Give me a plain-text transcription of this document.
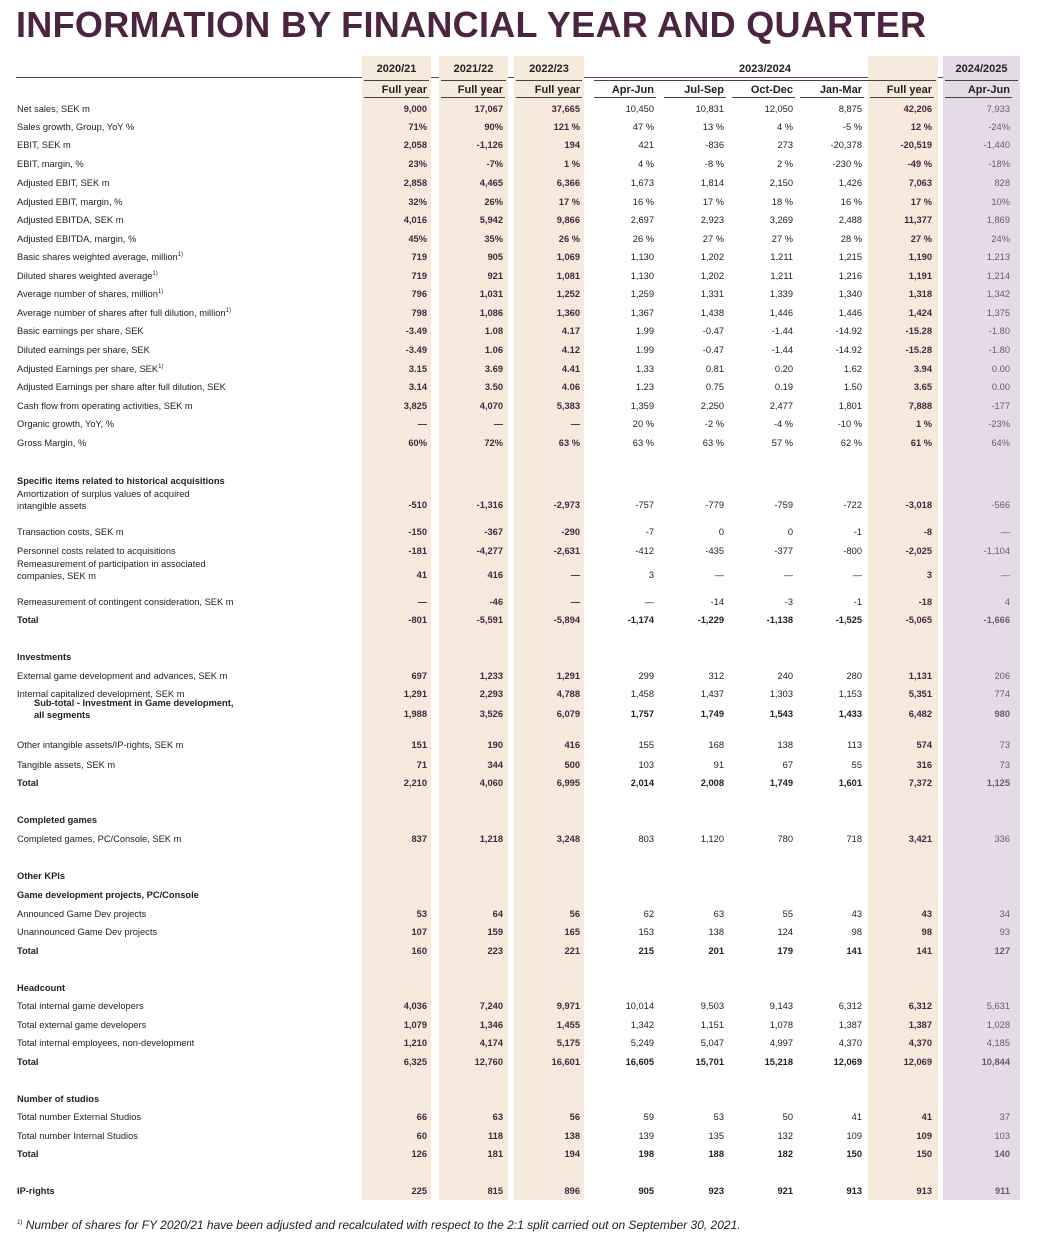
INFORMATION BY FINANCIAL YEAR AND QUARTER
2020/21	2021/22	2022/23	2023/2024	2024/2025
Full year	Full year	Full year	Apr-Jun	Jul-Sep	Oct-Dec	Jan-Mar	Full year	Apr-Jun
Net sales, SEK m	9,000	17,067	37,665	10,450	10,831	12,050	8,875	42,206	7,933
Sales growth, Group, YoY %	71%	90%	121 %	47 %	13 %	4 %	-5 %	12 %	-24%
EBIT, SEK m	2,058	-1,126	194	421	-836	273	-20,378	-20,519	-1,440
EBIT, margin, %	23%	-7%	1 %	4 %	-8 %	2 %	-230 %	-49 %	-18%
Adjusted EBIT, SEK m	2,858	4,465	6,366	1,673	1,814	2,150	1,426	7,063	828
Adjusted EBIT, margin, %	32%	26%	17 %	16 %	17 %	18 %	16 %	17 %	10%
Adjusted EBITDA, SEK m	4,016	5,942	9,866	2,697	2,923	3,269	2,488	11,377	1,869
Adjusted EBITDA, margin, %	45%	35%	26 %	26 %	27 %	27 %	28 %	27 %	24%
Basic shares weighted average, million$^{1)}$	719	905	1,069	1,130	1,202	1,211	1,215	1,190	1,213
Diluted shares weighted average$^{1)}$	719	921	1,081	1,130	1,202	1,211	1,216	1,191	1,214
Average number of shares, million$^{1)}$	796	1,031	1,252	1,259	1,331	1,339	1,340	1,318	1,342
Average number of shares after full dilution, million$^{1)}$	798	1,086	1,360	1,367	1,438	1,446	1,446	1,424	1,375
Basic earnings per share, SEK	-3.49	1.08	4.17	1.99	-0.47	-1.44	-14.92	-15.28	-1.80
Diluted earnings per share, SEK	-3.49	1.06	4.12	1.99	-0.47	-1.44	-14.92	-15.28	-1.80
Adjusted Earnings per share, SEK$^{1)}$	3.15	3.69	4.41	1.33	0.81	0.20	1.62	3.94	0.00
Adjusted Earnings per share after full dilution, SEK	3.14	3.50	4.06	1.23	0.75	0.19	1.50	3.65	0.00
Cash flow from operating activities, SEK m	3,825	4,070	5,383	1,359	2,250	2,477	1,801	7,888	-177
Organic growth, YoY, %	—	—	—	20 %	-2 %	-4 %	-10 %	1 %	-23%
Gross Margin, %	60%	72%	63 %	63 %	63 %	57 %	62 %	61 %	64%
Specific items related to historical acquisitions
Amortization of surplus values of acquired
intangible assets	-510	-1,316	-2,973	-757	-779	-759	-722	-3,018	-566
Transaction costs, SEK m	-150	-367	-290	-7	0	0	-1	-8	—
Personnel costs related to acquisitions	-181	-4,277	-2,631	-412	-435	-377	-800	-2,025	-1,104
Remeasurement of participation in associated
companies, SEK m	41	416	—	3	—	—	—	3	—
Remeasurement of contingent consideration, SEK m	—	-46	—	—	-14	-3	-1	-18	4
Total	-801	-5,591	-5,894	-1,174	-1,229	-1,138	-1,525	-5,065	-1,666
Investments
External game development and advances, SEK m	697	1,233	1,291	299	312	240	280	1,131	206
Internal capitalized development, SEK m	1,291	2,293	4,788	1,458	1,437	1,303	1,153	5,351	774
Sub-total - Investment in Game development,
all segments	1,988	3,526	6,079	1,757	1,749	1,543	1,433	6,482	980
Other intangible assets/IP-rights, SEK m	151	190	416	155	168	138	113	574	73
Tangible assets, SEK m	71	344	500	103	91	67	55	316	73
Total	2,210	4,060	6,995	2,014	2,008	1,749	1,601	7,372	1,125
Completed games
Completed games, PC/Console, SEK m	837	1,218	3,248	803	1,120	780	718	3,421	336
Other KPIs
Game development projects, PC/Console
Announced Game Dev projects	53	64	56	62	63	55	43	43	34
Unannounced Game Dev projects	107	159	165	153	138	124	98	98	93
Total	160	223	221	215	201	179	141	141	127
Headcount
Total internal game developers	4,036	7,240	9,971	10,014	9,503	9,143	6,312	6,312	5,631
Total external game developers	1,079	1,346	1,455	1,342	1,151	1,078	1,387	1,387	1,028
Total internal employees, non-development	1,210	4,174	5,175	5,249	5,047	4,997	4,370	4,370	4,185
Total	6,325	12,760	16,601	16,605	15,701	15,218	12,069	12,069	10,844
Number of studios
Total number External Studios	66	63	56	59	53	50	41	41	37
Total number Internal Studios	60	118	138	139	135	132	109	109	103
Total	126	181	194	198	188	182	150	150	140
IP-rights	225	815	896	905	923	921	913	913	911
$^{1)}$ Number of shares for FY 2020/21 have been adjusted and recalculated with respect to the 2:1 split carried out on September 30, 2021.
